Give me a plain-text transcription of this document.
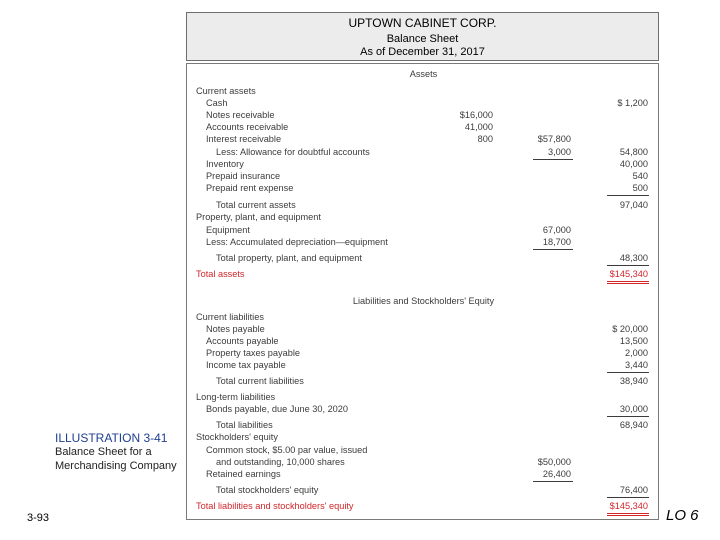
UPTOWN CABINET CORP.
Balance Sheet
As of December 31, 2017
Assets
Current assets
Cash	$ 1,200
Notes receivable	$16,000
Accounts receivable	41,000
Interest receivable	800	$57,800
Less: Allowance for doubtful accounts	3,000	54,800
Inventory	40,000
Prepaid insurance	540
Prepaid rent expense	500
Total current assets	97,040
Property, plant, and equipment
Equipment	67,000
Less: Accumulated depreciation—equipment	18,700
Total property, plant, and equipment	48,300
Total assets	$145,340
Liabilities and Stockholders' Equity
Current liabilities
Notes payable	$ 20,000
Accounts payable	13,500
Property taxes payable	2,000
Income tax payable	3,440
Total current liabilities	38,940
Long-term liabilities
Bonds payable, due June 30, 2020	30,000
Total liabilities	68,940
Stockholders' equity
Common stock, $5.00 par value, issued
and outstanding, 10,000 shares	$50,000
Retained earnings	26,400
Total stockholders' equity	76,400
Total liabilities and stockholders' equity	$145,340
ILLUSTRATION 3-41
Balance Sheet for a Merchandising Company
3-93	LO 6
